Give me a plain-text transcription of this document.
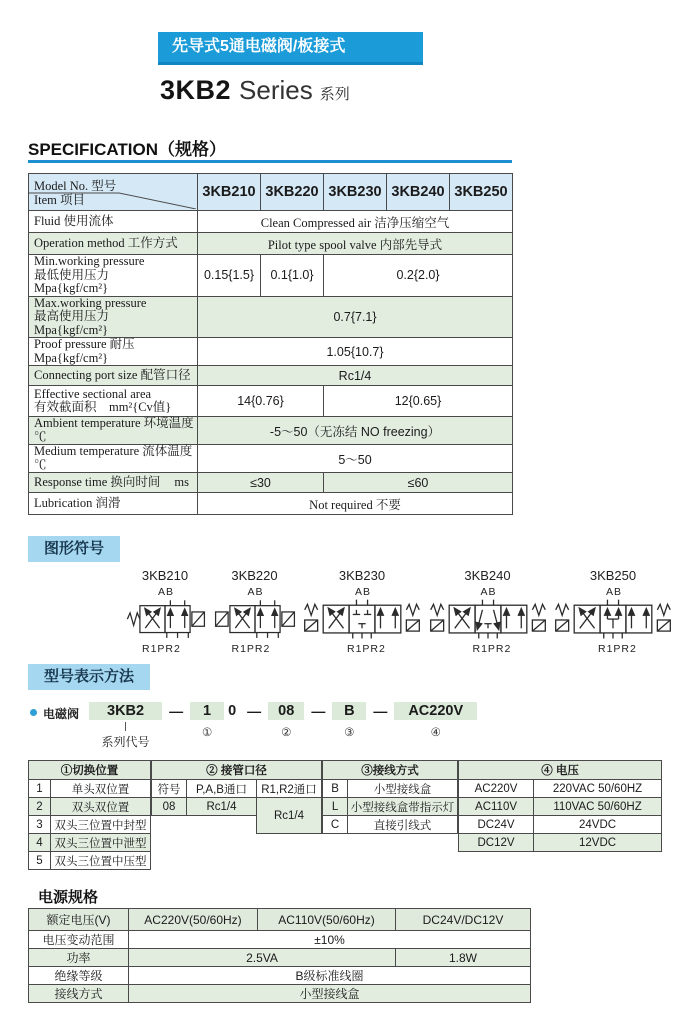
先导式5通电磁阀/板接式
3KB2 Series 系列
SPECIFICATION（规格）
Model No. 型号
Item 项目	3KB210	3KB220	3KB230	3KB240	3KB250
Fluid 使用流体	Clean Compressed air 洁净压缩空气				
Operation method 工作方式	Pilot type spool valve 内部先导式				

Min.working pressure
最低使用压力　Mpa{kgf/cm²}	0.15{1.5}	0.1{1.0}	0.2{2.0}		

Max.working pressure
最高使用压力　Mpa{kgf/cm²}	0.7{7.1}				
Proof pressure 耐压　Mpa{kgf/cm²}	1.05{10.7}				
Connecting port size 配管口径	Rc1/4				

Effective sectional area
有效截面积　mm²{Cv值}	14{0.76}		12{0.65}		
Ambient temperature 环境温度 ℃	-5～50（无冻结 NO freezing）				
Medium temperature 流体温度 ℃	5～50				

Response time 换向时间 ms	≤30		≤60		
Lubrication 润滑	Not required 不要				
图形符号
3KB210
AB
R1PR2
3KB220
AB
R1PR2
3KB230
AB
R1PR2
3KB240
AB
R1PR2
3KB250
AB
R1PR2
型号表示方法
电磁阀	3KB2
系列代号
—	1
①
0 —	08
②
—	B
③
—	AC220V
④
①切换位置	
1	单头双位置
2	双头双位置
3	双头三位置中封型
4	双头三位置中泄型
5	双头三位置中压型
② 接管口径		
符号	P,A,B通口	R1,R2通口
08	Rc1/4	Rc1/4

③接线方式	
B	小型接线盒
L	小型接线盒带指示灯
C	直接引线式
④ 电压	
AC220V	220VAC 50/60HZ
AC110V	110VAC 50/60HZ
DC24V	24VDC
DC12V	12VDC
电源规格
额定电压(V)	AC220V(50/60Hz)	AC110V(50/60Hz)	DC24V/DC12V
电压变动范围	±10%		
功率	2.5VA		1.8W
绝缘等级	B级标准线圈		
接线方式	小型接线盒		
